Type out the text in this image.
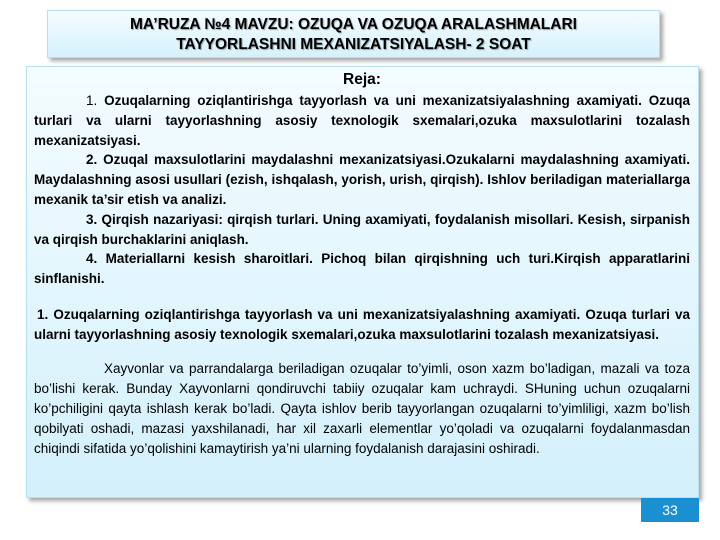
MA’RUZA №4 MAVZU: OZUQA VA OZUQA ARALASHMALARI
TAYYORLASHNI MEXANIZATSIYALASH- 2 SOAT
Reja:

1. Ozuqalarning oziqlantirishga tayyorlash va uni mexanizatsiyalashning axamiyati. Ozuqa turlari va ularni tayyorlashning asosiy texnologik sxemalari,ozuka maxsulotlarini tozalash mexanizatsiyasi.

2. Ozuqal maxsulotlarini maydalashni mexanizatsiyasi.Ozukalarni maydalashning axamiyati. Maydalashning asosi usullari (ezish, ishqalash, yorish, urish, qirqish). Ishlov beriladigan materiallarga mexanik ta’sir etish va analizi.

3. Qirqish nazariyasi: qirqish turlari. Uning axamiyati, foydalanish misollari. Kesish, sirpanish va qirqish burchaklarini aniqlash.

4. Materiallarni kesish sharoitlari. Pichoq bilan qirqishning uch turi.Kirqish apparatlarini sinflanishi.

1. Ozuqalarning oziqlantirishga tayyorlash va uni mexanizatsiyalashning axamiyati. Ozuqa turlari va ularni tayyorlashning asosiy texnologik sxemalari,ozuka maxsulotlarini tozalash mexanizatsiyasi.

Xayvonlar va parrandalarga beriladigan ozuqalar to’yimli, oson xazm bo’ladigan, mazali va toza bo’lishi kerak. Bunday Xayvonlarni qondiruvchi tabiiy ozuqalar kam uchraydi. SHuning uchun ozuqalarni ko’pchiligini qayta ishlash kerak bo’ladi. Qayta ishlov berib tayyorlangan ozuqalarni to’yimliligi, xazm bo’lish qobilyati oshadi, mazasi yaxshilanadi, har xil zaxarli elementlar yo’qoladi va ozuqalarni foydalanmasdan chiqindi sifatida yo’qolishini kamaytirish ya’ni ularning foydalanish darajasini oshiradi.

33
